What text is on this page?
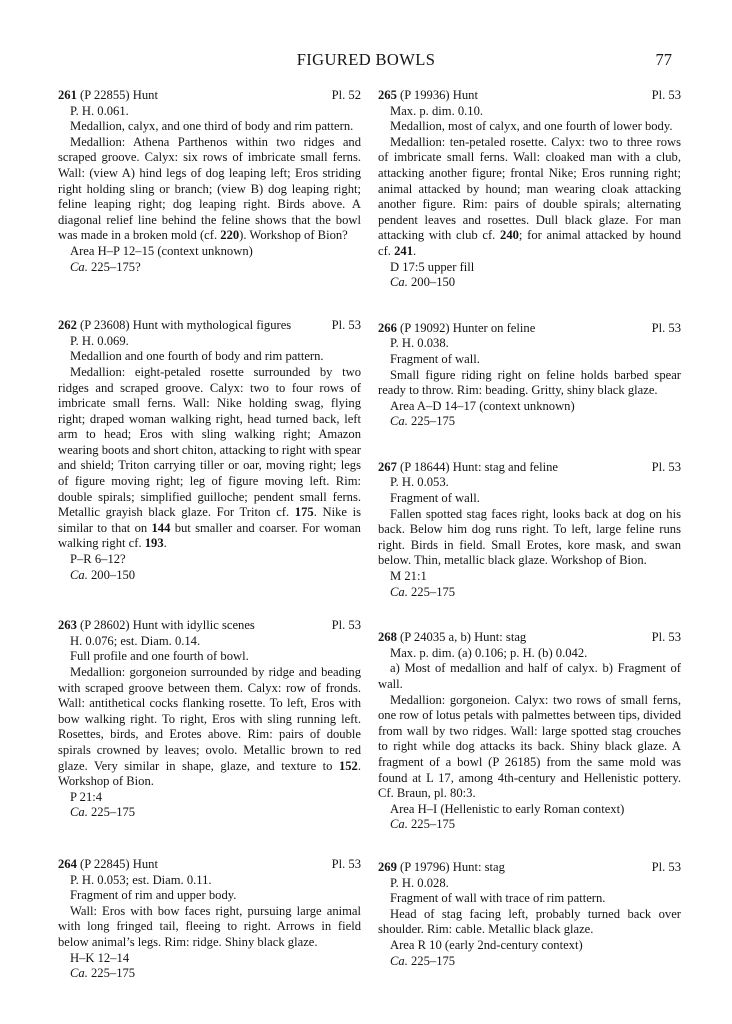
FIGURED BOWLS	77
261 (P 22855) Hunt	Pl. 52
P. H. 0.061.
Medallion, calyx, and one third of body and rim pattern.
Medallion: Athena Parthenos within two ridges and scraped groove. Calyx: six rows of imbricate small ferns. Wall: (view A) hind legs of dog leaping left; Eros striding right holding sling or branch; (view B) dog leaping right; feline leaping right; dog leaping right. Birds above. A diagonal relief line behind the feline shows that the bowl was made in a broken mold (cf. 220). Workshop of Bion?
Area H–P 12–15 (context unknown)
Ca. 225–175?
262 (P 23608) Hunt with mythological figures	Pl. 53
P. H. 0.069.
Medallion and one fourth of body and rim pattern.
Medallion: eight-petaled rosette surrounded by two ridges and scraped groove. Calyx: two to four rows of imbricate small ferns. Wall: Nike holding swag, flying right; draped woman walking right, head turned back, left arm to head; Eros with sling walking right; Amazon wearing boots and short chiton, attacking to right with spear and shield; Triton carrying tiller or oar, moving right; legs of figure moving right; leg of figure moving left. Rim: double spirals; simplified guilloche; pendent small ferns. Metallic grayish black glaze. For Triton cf. 175. Nike is similar to that on 144 but smaller and coarser. For woman walking right cf. 193.
P–R 6–12?
Ca. 200–150
263 (P 28602) Hunt with idyllic scenes	Pl. 53
H. 0.076; est. Diam. 0.14.
Full profile and one fourth of bowl.
Medallion: gorgoneion surrounded by ridge and beading with scraped groove between them. Calyx: row of fronds. Wall: antithetical cocks flanking rosette. To left, Eros with bow walking right. To right, Eros with sling running left. Rosettes, birds, and Erotes above. Rim: pairs of double spirals crowned by leaves; ovolo. Metallic brown to red glaze. Very similar in shape, glaze, and texture to 152. Workshop of Bion.
P 21:4
Ca. 225–175
264 (P 22845) Hunt	Pl. 53
P. H. 0.053; est. Diam. 0.11.
Fragment of rim and upper body.
Wall: Eros with bow faces right, pursuing large animal with long fringed tail, fleeing to right. Arrows in field below animal’s legs. Rim: ridge. Shiny black glaze.
H–K 12–14
Ca. 225–175
265 (P 19936) Hunt	Pl. 53
Max. p. dim. 0.10.
Medallion, most of calyx, and one fourth of lower body.
Medallion: ten-petaled rosette. Calyx: two to three rows of imbricate small ferns. Wall: cloaked man with a club, attacking another figure; frontal Nike; Eros running right; animal attacked by hound; man wearing cloak attacking another figure. Rim: pairs of double spirals; alternating pendent leaves and rosettes. Dull black glaze. For man attacking with club cf. 240; for animal attacked by hound cf. 241.
D 17:5 upper fill
Ca. 200–150
266 (P 19092) Hunter on feline	Pl. 53
P. H. 0.038.
Fragment of wall.
Small figure riding right on feline holds barbed spear ready to throw. Rim: beading. Gritty, shiny black glaze.
Area A–D 14–17 (context unknown)
Ca. 225–175
267 (P 18644) Hunt: stag and feline	Pl. 53
P. H. 0.053.
Fragment of wall.
Fallen spotted stag faces right, looks back at dog on his back. Below him dog runs right. To left, large feline runs right. Birds in field. Small Erotes, kore mask, and swan below. Thin, metallic black glaze. Workshop of Bion.
M 21:1
Ca. 225–175
268 (P 24035 a, b) Hunt: stag	Pl. 53
Max. p. dim. (a) 0.106; p. H. (b) 0.042.
a) Most of medallion and half of calyx. b) Fragment of wall.
Medallion: gorgoneion. Calyx: two rows of small ferns, one row of lotus petals with palmettes between tips, divided from wall by two ridges. Wall: large spotted stag crouches to right while dog attacks its back. Shiny black glaze. A fragment of a bowl (P 26185) from the same mold was found at L 17, among 4th-century and Hellenistic pottery. Cf. Braun, pl. 80:3.
Area H–I (Hellenistic to early Roman context)
Ca. 225–175
269 (P 19796) Hunt: stag	Pl. 53
P. H. 0.028.
Fragment of wall with trace of rim pattern.
Head of stag facing left, probably turned back over shoulder. Rim: cable. Metallic black glaze.
Area R 10 (early 2nd-century context)
Ca. 225–175
